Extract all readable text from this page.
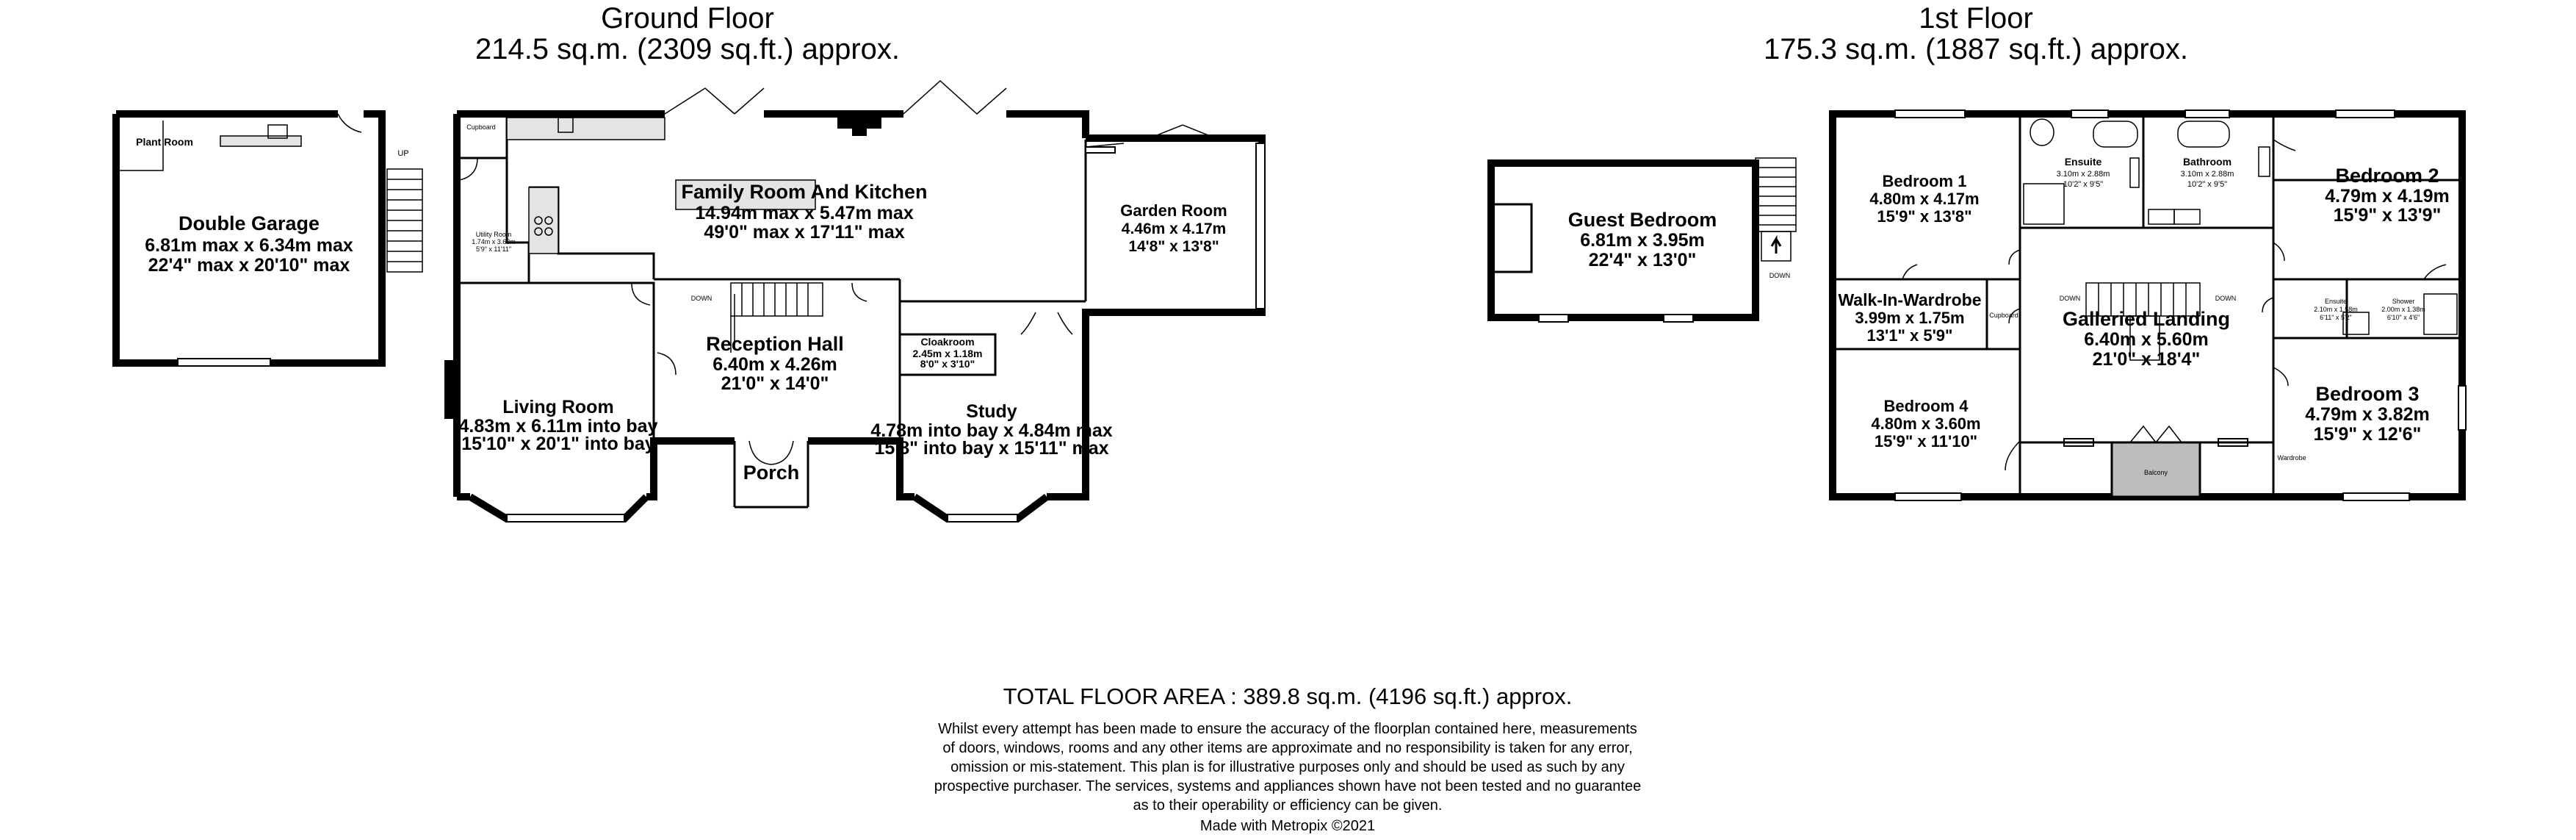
Ground Floor
214.5 sq.m. (2309 sq.ft.) approx.
1st Floor
175.3 sq.m. (1887 sq.ft.) approx.
UP
Plant Room
Double Garage
6.81m max x 6.34m max
22'4" max x 20'10" max
DOWN
Cupboard
Utility Room
1.74m x 3.63m
5'9" x 11'11"
Family Room And Kitchen
14.94m max x 5.47m max
49'0" max x 17'11" max
Garden Room
4.46m x 4.17m
14'8" x 13'8"
Reception Hall
6.40m x 4.26m
21'0" x 14'0"
Cloakroom
2.45m x 1.18m
8'0" x 3'10"
Living Room
4.83m x 6.11m into bay
15'10" x 20'1" into bay
Study
4.78m into bay x 4.84m max
15'8" into bay x 15'11" max
Porch
DOWN
Guest Bedroom
6.81m x 3.95m
22'4" x 13'0"
Balcony
DOWN	DOWN
Bedroom 1
4.80m x 4.17m
15'9" x 13'8"
Ensuite
3.10m x 2.88m
10'2" x 9'5"
Bathroom
3.10m x 2.88m
10'2" x 9'5"	Bedroom 2
4.79m x 4.19m
15'9" x 13'9"
Walk-In-Wardrobe
3.99m x 1.75m
13'1" x 5'9"
Cupboard Galleried Landing
6.40m x 5.60m
21'0" x 18'4"
Ensuite
2.10m x 1.58m
6'11" x 5'2"
Shower
2.00m x 1.38m
6'10" x 4'6"
Bedroom 3
4.79m x 3.82m
15'9" x 12'6"
Wardrobe
Bedroom 4
4.80m x 3.60m
15'9" x 11'10"
TOTAL FLOOR AREA : 389.8 sq.m. (4196 sq.ft.) approx.
Whilst every attempt has been made to ensure the accuracy of the floorplan contained here, measurements
of doors, windows, rooms and any other items are approximate and no responsibility is taken for any error,
omission or mis-statement. This plan is for illustrative purposes only and should be used as such by any
prospective purchaser. The services, systems and appliances shown have not been tested and no guarantee
as to their operability or efficiency can be given.
Made with Metropix ©2021
